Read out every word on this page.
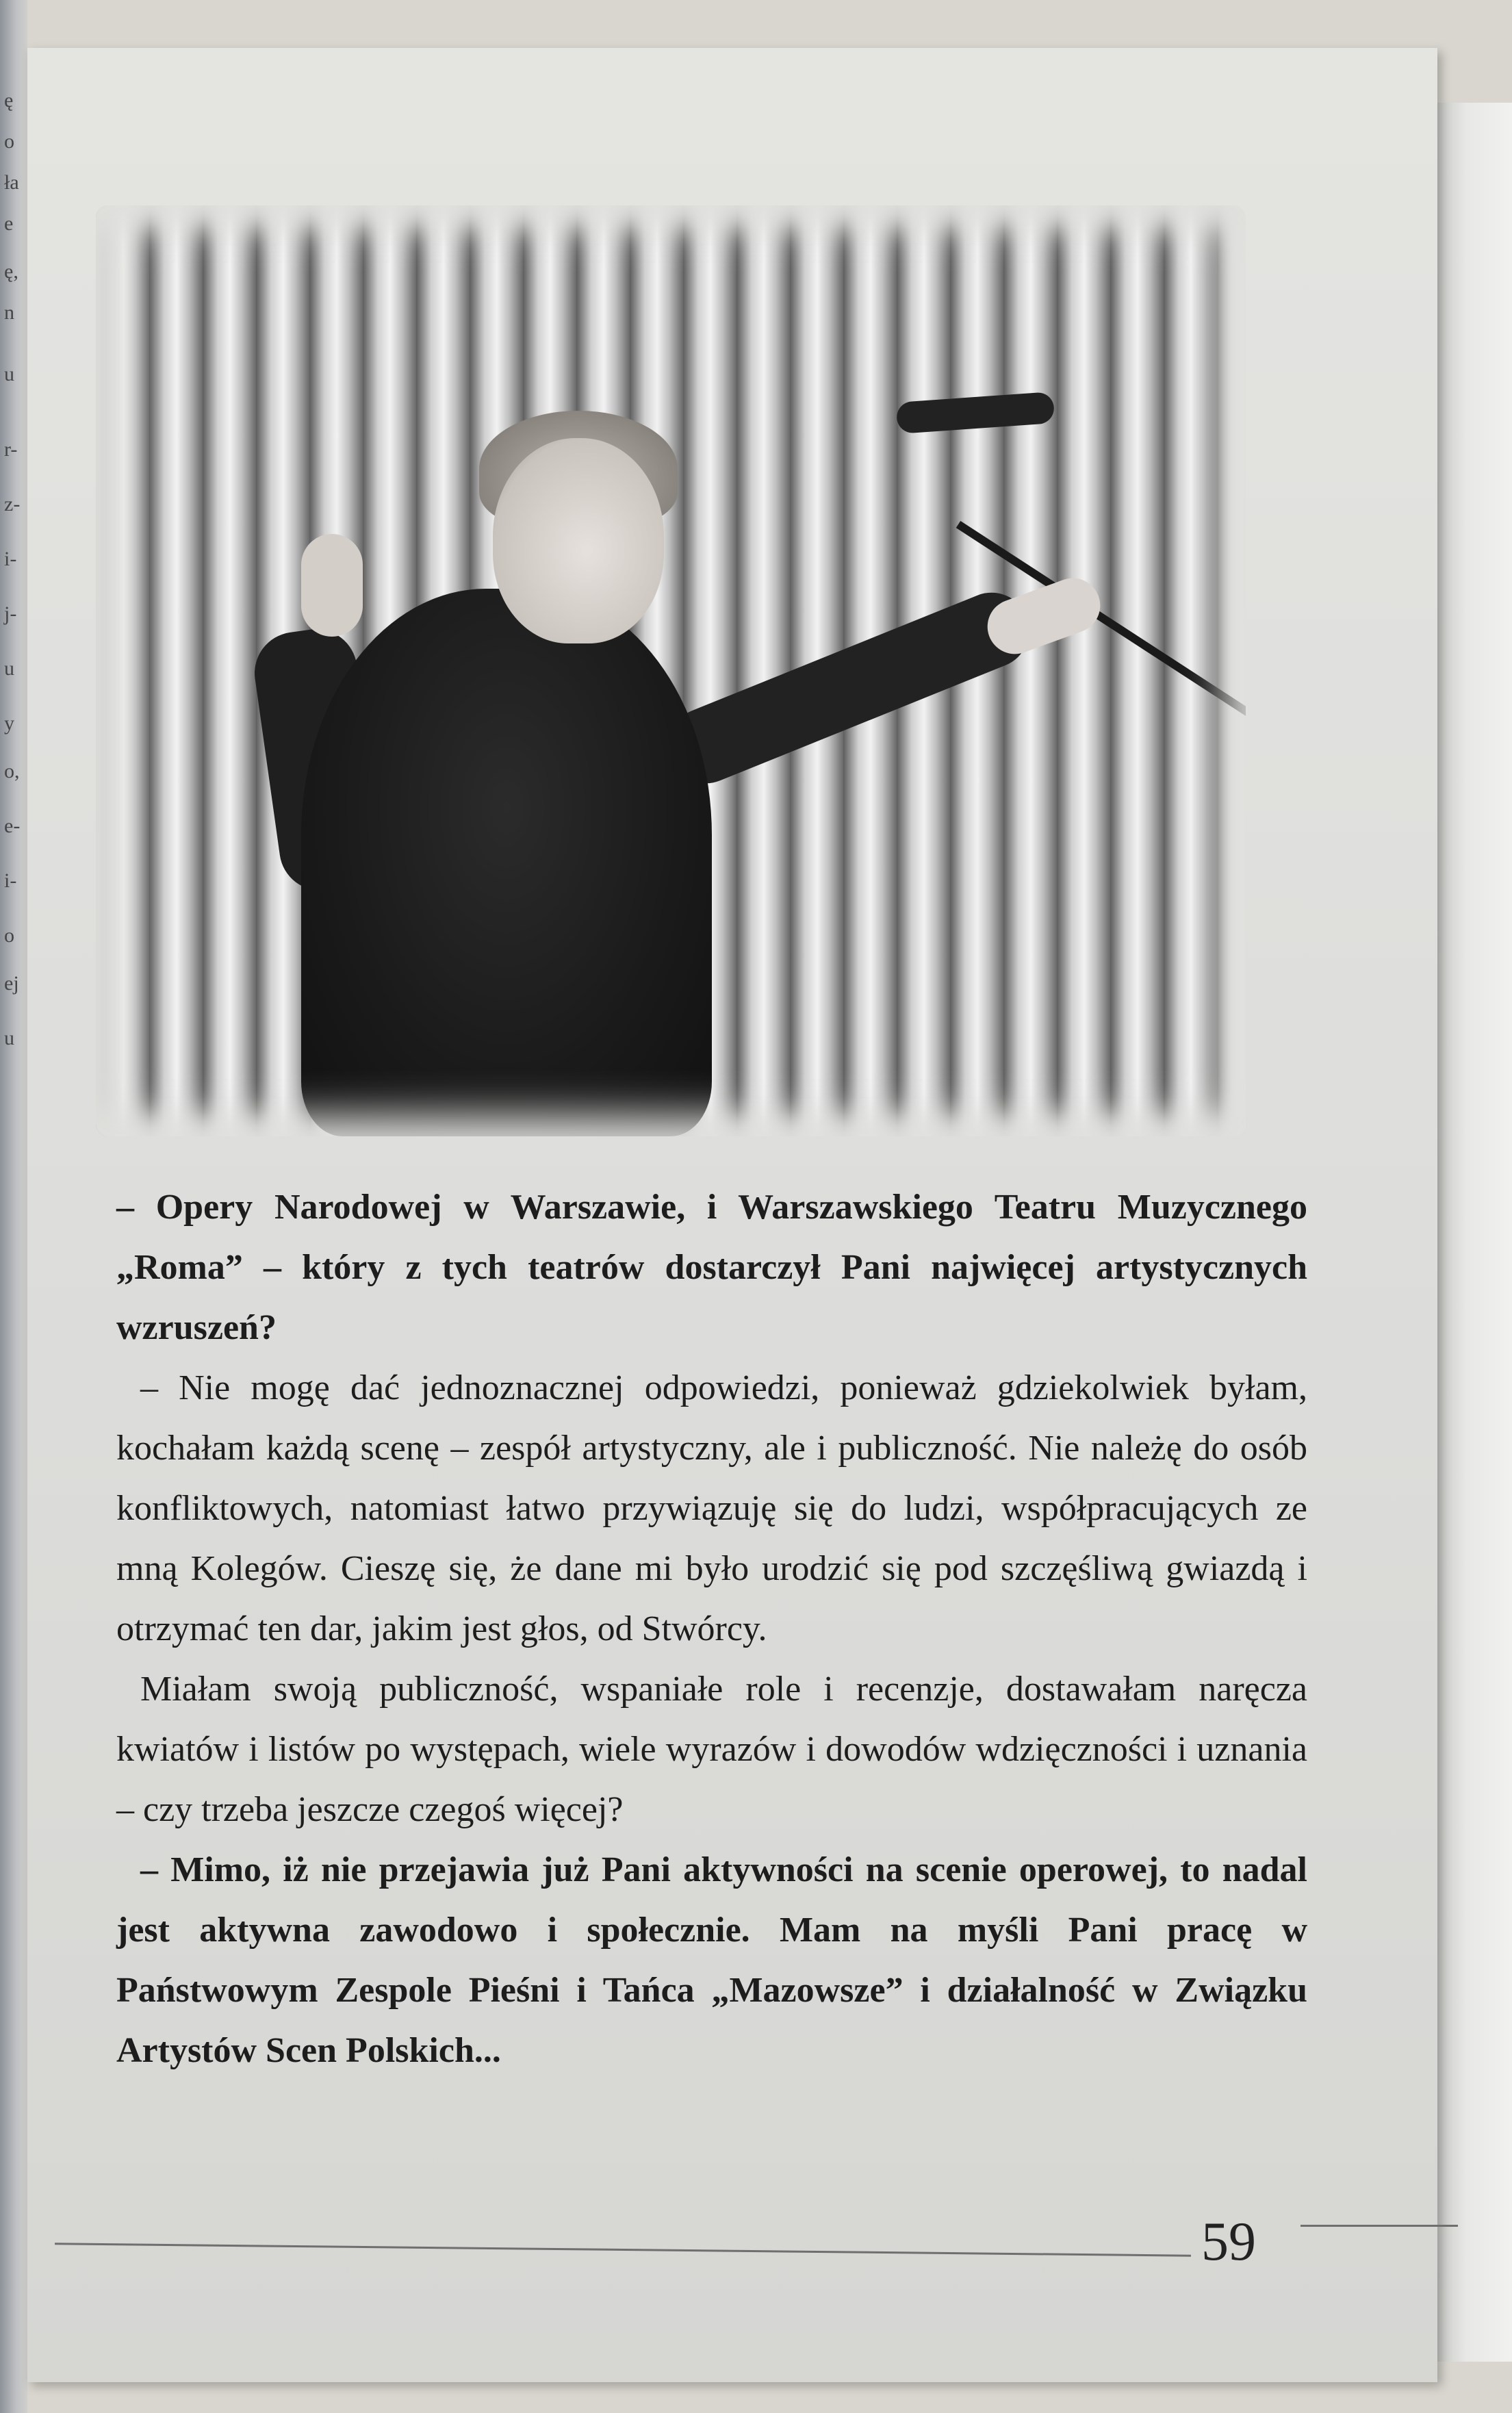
ę
o
ła
e
ę,
n
u
r-
z-
i-
j-
u
y
o,
e-
i-
o
ej
u

– Opery Narodowej w Warszawie, i Warszawskiego Teatru Muzycznego „Roma” – który z tych teatrów dostarczył Pani najwięcej artystycznych wzruszeń?

– Nie mogę dać jednoznacznej odpowiedzi, ponieważ gdziekolwiek byłam, kochałam każdą scenę – zespół artystyczny, ale i publiczność. Nie należę do osób konfliktowych, natomiast łatwo przywiązuję się do ludzi, współpracujących ze mną Kolegów. Cieszę się, że dane mi było urodzić się pod szczęśliwą gwiazdą i otrzymać ten dar, jakim jest głos, od Stwórcy.

Miałam swoją publiczność, wspaniałe role i recenzje, dostawałam naręcza kwiatów i listów po występach, wiele wyrazów i dowodów wdzięczności i uznania – czy trzeba jeszcze czegoś więcej?

– Mimo, iż nie przejawia już Pani aktywności na scenie operowej, to nadal jest aktywna zawodowo i społecznie. Mam na myśli Pani pracę w Państwowym Zespole Pieśni i Tańca „Mazowsze” i działalność w Związku Artystów Scen Polskich...

59
